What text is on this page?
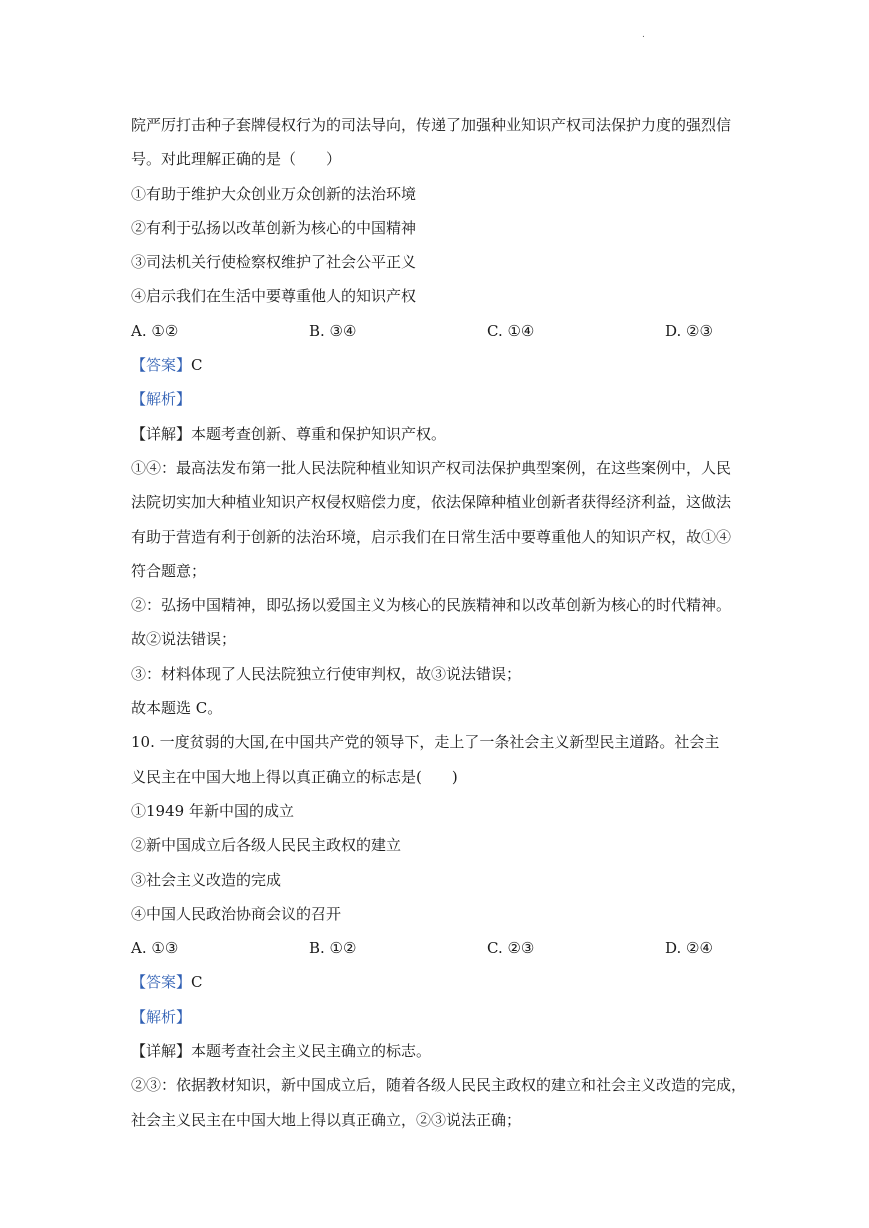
.
院严厉打击种子套牌侵权行为的司法导向，传递了加强种业知识产权司法保护力度的强烈信
号。对此理解正确的是（　　）
①有助于维护大众创业万众创新的法治环境
②有利于弘扬以改革创新为核心的中国精神
③司法机关行使检察权维护了社会公平正义
④启示我们在生活中要尊重他人的知识产权
A. ①②	B. ③④	C. ①④	D. ②③
【答案】C
【解析】
【详解】本题考查创新、尊重和保护知识产权。
①④：最高法发布第一批人民法院种植业知识产权司法保护典型案例，在这些案例中，人民
法院切实加大种植业知识产权侵权赔偿力度，依法保障种植业创新者获得经济利益，这做法
有助于营造有利于创新的法治环境，启示我们在日常生活中要尊重他人的知识产权，故①④
符合题意；
②：弘扬中国精神，即弘扬以爱国主义为核心的民族精神和以改革创新为核心的时代精神。
故②说法错误；
③：材料体现了人民法院独立行使审判权，故③说法错误；
故本题选 C。
10. 一度贫弱的大国,在中国共产党的领导下，走上了一条社会主义新型民主道路。社会主
义民主在中国大地上得以真正确立的标志是(　　)
①1949 年新中国的成立
②新中国成立后各级人民民主政权的建立
③社会主义改造的完成
④中国人民政治协商会议的召开
A. ①③	B. ①②	C. ②③	D. ②④
【答案】C
【解析】
【详解】本题考查社会主义民主确立的标志。
②③：依据教材知识，新中国成立后，随着各级人民民主政权的建立和社会主义改造的完成，
社会主义民主在中国大地上得以真正确立，②③说法正确；
